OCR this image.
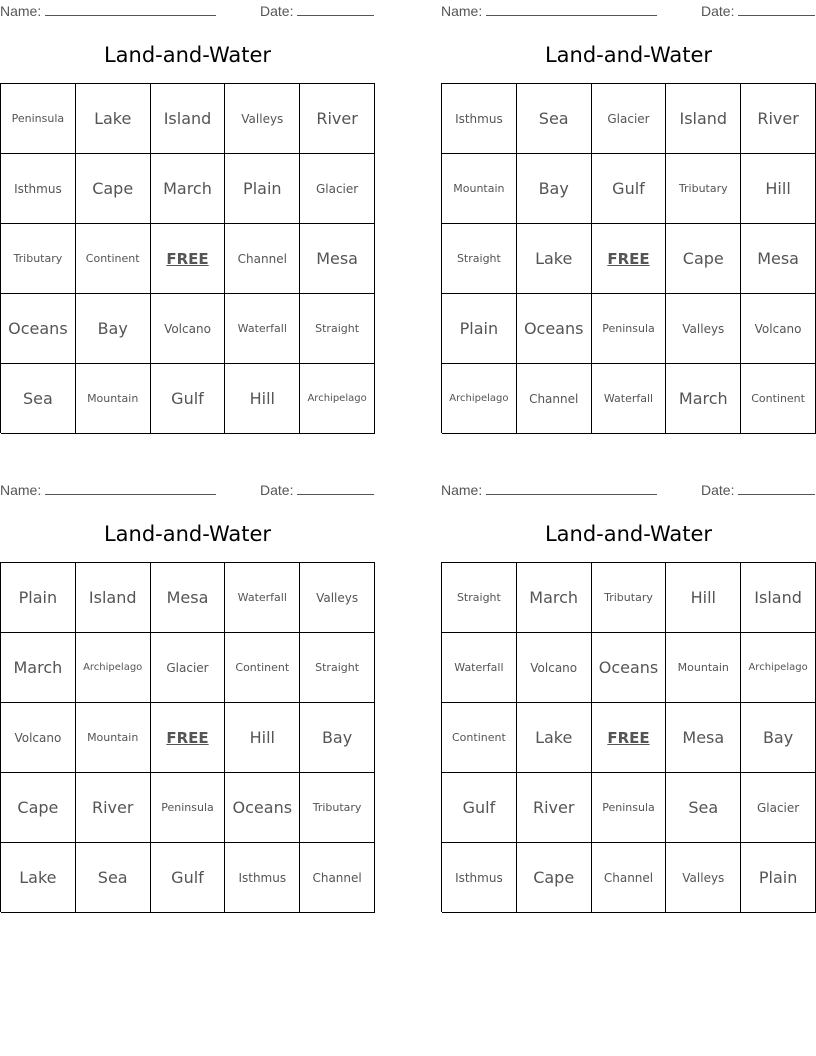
Name:	Date:
Land-and-Water
Peninsula	Lake	Island	Valleys	River
Isthmus	Cape	March	Plain	Glacier
Tributary	Continent	FREE	Channel	Mesa
Oceans	Bay	Volcano	Waterfall	Straight
Sea	Mountain	Gulf	Hill	Archipelago
Name:	Date:
Land-and-Water
Isthmus	Sea	Glacier	Island	River
Mountain	Bay	Gulf	Tributary	Hill
Straight	Lake	FREE	Cape	Mesa
Plain	Oceans	Peninsula	Valleys	Volcano
Archipelago	Channel	Waterfall	March	Continent
Name:	Date:
Land-and-Water
Plain	Island	Mesa	Waterfall	Valleys
March	Archipelago	Glacier	Continent	Straight
Volcano	Mountain	FREE	Hill	Bay
Cape	River	Peninsula	Oceans	Tributary
Lake	Sea	Gulf	Isthmus	Channel
Name:	Date:
Land-and-Water
Straight	March	Tributary	Hill	Island
Waterfall	Volcano	Oceans	Mountain	Archipelago
Continent	Lake	FREE	Mesa	Bay
Gulf	River	Peninsula	Sea	Glacier
Isthmus	Cape	Channel	Valleys	Plain
